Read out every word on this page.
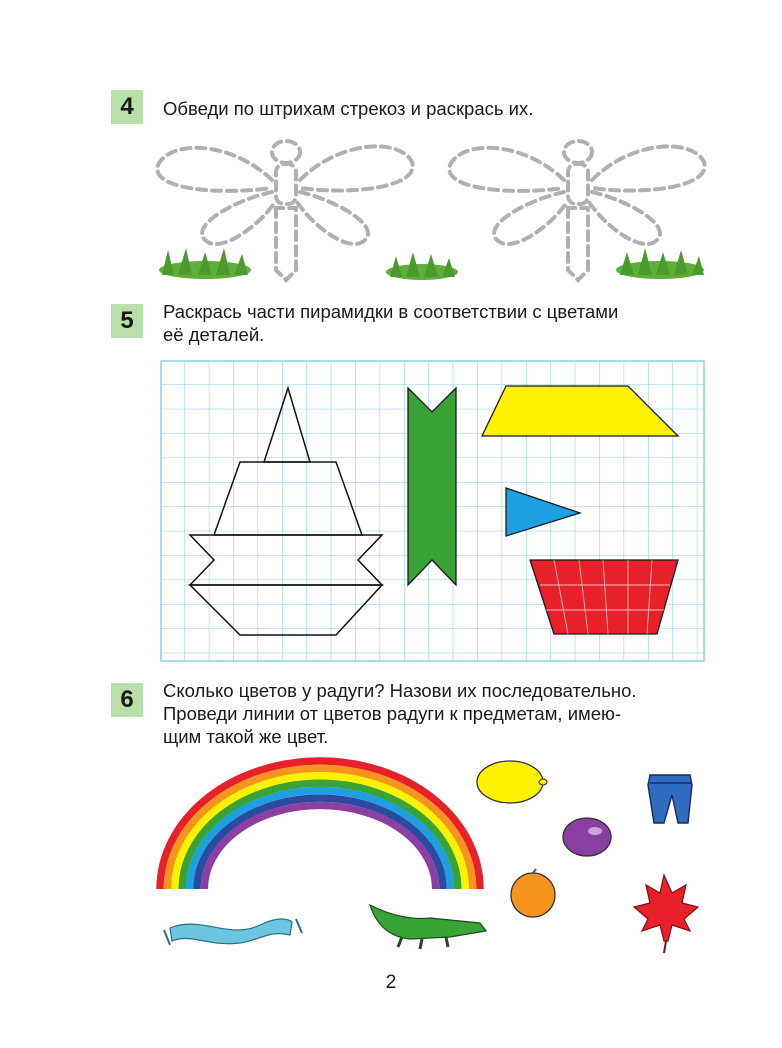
4	Обведи по штрихам стрекоз и раскрась их.
5	Раскрась части пирамидки в соответствии с цветами
её деталей.
6	Сколько цветов у радуги? Назови их последовательно.
Проведи линии от цветов радуги к предметам, имею-
щим такой же цвет.
2
